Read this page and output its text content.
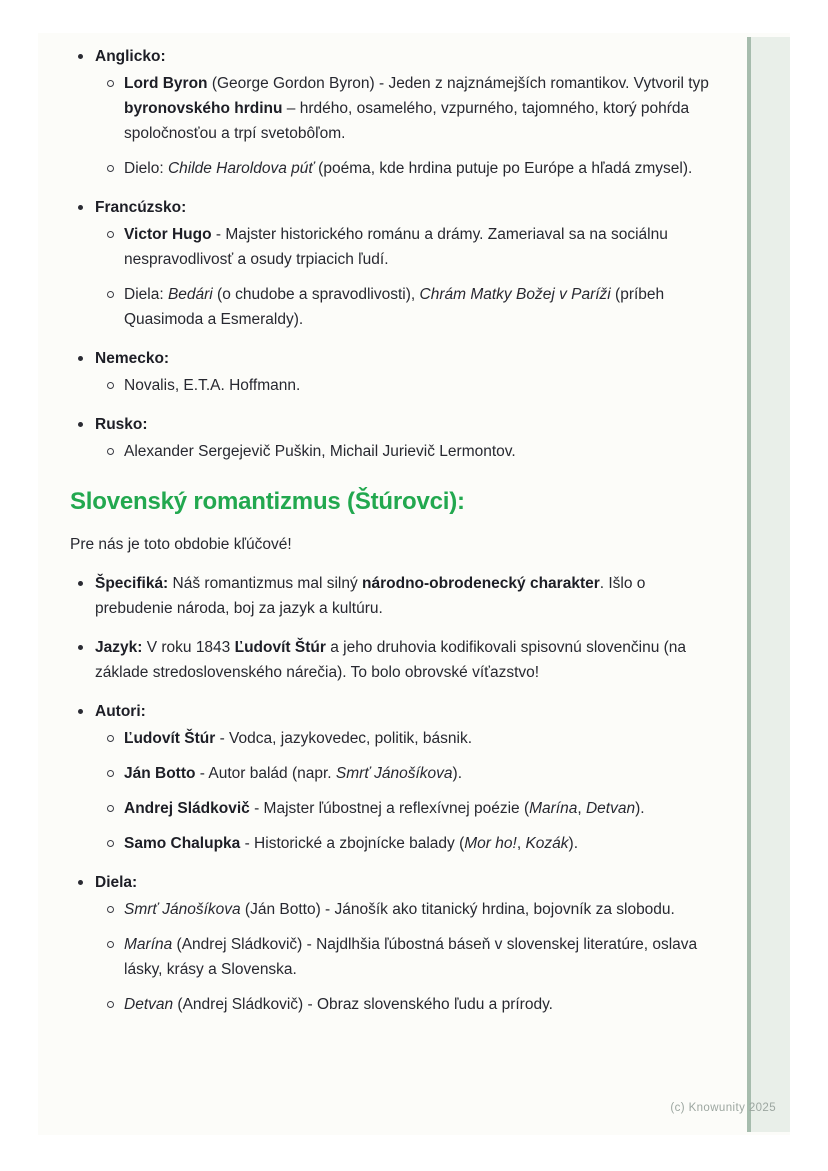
Anglicko:

Lord Byron (George Gordon Byron) - Jeden z najznámejších romantikov. Vytvoril typ byronovského hrdinu – hrdého, osamelého, vzpurného, tajomného, ktorý pohŕda spoločnosťou a trpí svetobôľom.

Dielo: Childe Haroldova púť (poéma, kde hrdina putuje po Európe a hľadá zmysel).

Francúzsko:

Victor Hugo - Majster historického románu a drámy. Zameriaval sa na sociálnu nespravodlivosť a osudy trpiacich ľudí.

Diela: Bedári (o chudobe a spravodlivosti), Chrám Matky Božej v Paríži (príbeh Quasimoda a Esmeraldy).

Nemecko:

Novalis, E.T.A. Hoffmann.

Rusko:

Alexander Sergejevič Puškin, Michail Jurievič Lermontov.

Slovenský romantizmus (Štúrovci):

Pre nás je toto obdobie kľúčové!

Špecifiká: Náš romantizmus mal silný národno-obrodenecký charakter. Išlo o prebudenie národa, boj za jazyk a kultúru.

Jazyk: V roku 1843 Ľudovít Štúr a jeho druhovia kodifikovali spisovnú slovenčinu (na základe stredoslovenského nárečia). To bolo obrovské víťazstvo!

Autori:

Ľudovít Štúr - Vodca, jazykovedec, politik, básnik.

Ján Botto - Autor balád (napr. Smrť Jánošíkova).

Andrej Sládkovič - Majster ľúbostnej a reflexívnej poézie (Marína, Detvan).

Samo Chalupka - Historické a zbojnícke balady (Mor ho!, Kozák).

Diela:

Smrť Jánošíkova (Ján Botto) - Jánošík ako titanický hrdina, bojovník za slobodu.

Marína (Andrej Sládkovič) - Najdlhšia ľúbostná báseň v slovenskej literatúre, oslava lásky, krásy a Slovenska.

Detvan (Andrej Sládkovič) - Obraz slovenského ľudu a prírody.

(c) Knowunity 2025
